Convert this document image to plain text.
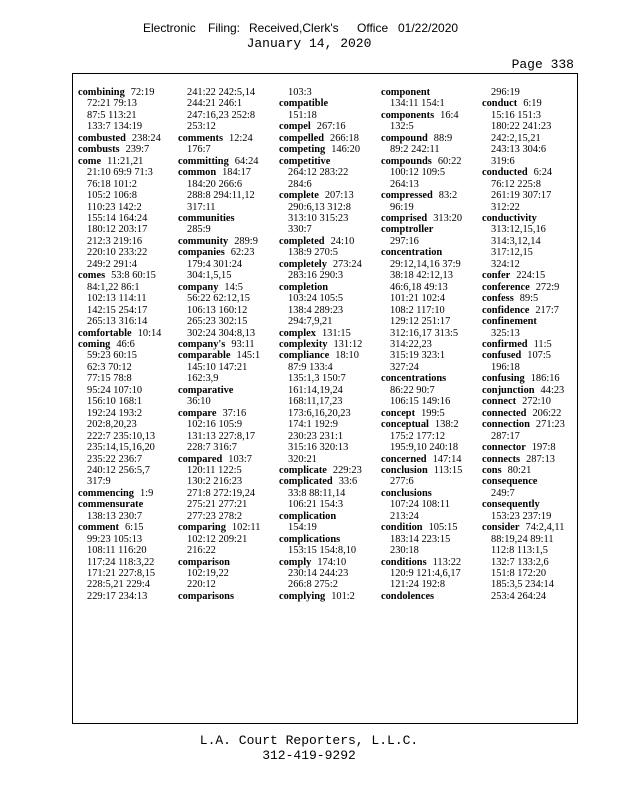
Electronic Filing: Received,Clerk's Office 01/22/2020
January 14, 2020
Page 338
combining 72:19
72:21 79:13
87:5 113:21
133:7 134:19
combusted 238:24
combusts 239:7
come 11:21,21
21:10 69:9 71:3
76:18 101:2
105:2 106:8
110:23 142:2
155:14 164:24
180:12 203:17
212:3 219:16
220:10 233:22
249:2 291:4
comes 53:8 60:15
84:1,22 86:1
102:13 114:11
142:15 254:17
265:13 316:14
comfortable 10:14
coming 46:6
59:23 60:15
62:3 70:12
77:15 78:8
95:24 107:10
156:10 168:1
192:24 193:2
202:8,20,23
222:7 235:10,13
235:14,15,16,20
235:22 236:7
240:12 256:5,7
317:9
commencing 1:9
commensurate
138:13 230:7
comment 6:15
99:23 105:13
108:11 116:20
117:24 118:3,22
171:21 227:8,15
228:5,21 229:4
229:17 234:13
241:22 242:5,14
244:21 246:1
247:16,23 252:8
253:12
comments 12:24
176:7
committing 64:24
common 184:17
184:20 266:6
288:8 294:11,12
317:11
communities
285:9
community 289:9
companies 62:23
179:4 301:24
304:1,5,15
company 14:5
56:22 62:12,15
106:13 160:12
265:23 302:15
302:24 304:8,13
company's 93:11
comparable 145:1
145:10 147:21
162:3,9
comparative
36:10
compare 37:16
102:16 105:9
131:13 227:8,17
228:7 316:7
compared 103:7
120:11 122:5
130:2 216:23
271:8 272:19,24
275:21 277:21
277:23 278:2
comparing 102:11
102:12 209:21
216:22
comparison
102:19,22
220:12
comparisons
103:3
compatible
151:18
compel 267:16
compelled 266:18
competing 146:20
competitive
264:12 283:22
284:6
complete 207:13
290:6,13 312:8
313:10 315:23
330:7
completed 24:10
138:9 270:5
completely 273:24
283:16 290:3
completion
103:24 105:5
138:4 289:23
294:7,9,21
complex 131:15
complexity 131:12
compliance 18:10
87:9 133:4
135:1,3 150:7
161:14,19,24
168:11,17,23
173:6,16,20,23
174:1 192:9
230:23 231:1
315:16 320:13
320:21
complicate 229:23
complicated 33:6
33:8 88:11,14
106:21 154:3
complication
154:19
complications
153:15 154:8,10
comply 174:10
230:14 244:23
266:8 275:2
complying 101:2
component
134:11 154:1
components 16:4
132:5
compound 88:9
89:2 242:11
compounds 60:22
100:12 109:5
264:13
compressed 83:2
96:19
comprised 313:20
comptroller
297:16
concentration
29:12,14,16 37:9
38:18 42:12,13
46:6,18 49:13
101:21 102:4
108:2 117:10
129:12 251:17
312:16,17 313:5
314:22,23
315:19 323:1
327:24
concentrations
86:22 90:7
106:15 149:16
concept 199:5
conceptual 138:2
175:2 177:12
195:9,10 240:18
concerned 147:14
conclusion 113:15
277:6
conclusions
107:24 108:11
213:24
condition 105:15
183:14 223:15
230:18
conditions 113:22
120:9 121:4,6,17
121:24 192:8
condolences
296:19
conduct 6:19
15:16 151:3
180:22 241:23
242:2,15,21
243:13 304:6
319:6
conducted 6:24
76:12 225:8
261:19 307:17
312:22
conductivity
313:12,15,16
314:3,12,14
317:12,15
324:12
confer 224:15
conference 272:9
confess 89:5
confidence 217:7
confinement
325:13
confirmed 11:5
confused 107:5
196:18
confusing 186:16
conjunction 44:23
connect 272:10
connected 206:22
connection 271:23
287:17
connector 197:8
connects 287:13
cons 80:21
consequence
249:7
consequently
153:23 237:19
consider 74:2,4,11
88:19,24 89:11
112:8 113:1,5
132:7 133:2,6
151:8 172:20
185:3,5 234:14
253:4 264:24
L.A. Court Reporters, L.L.C.
312-419-9292
